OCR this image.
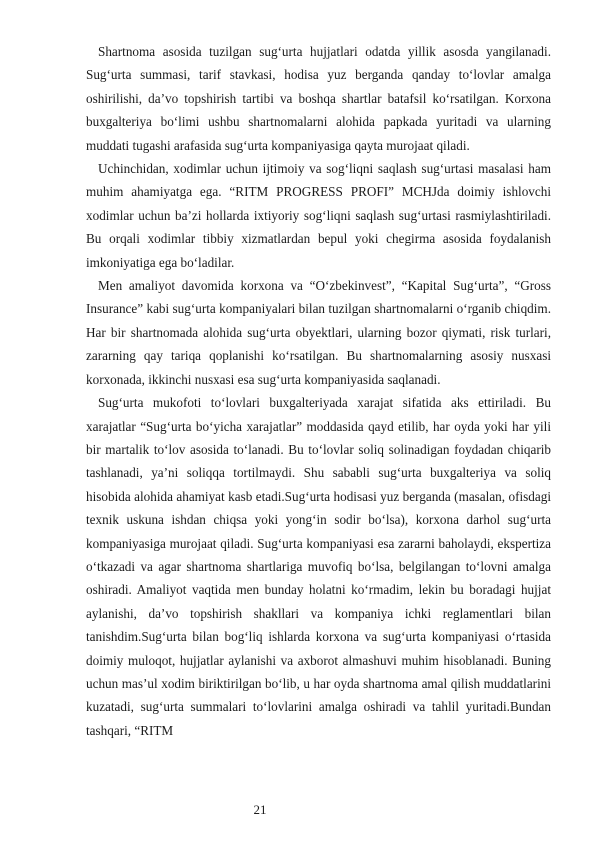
Shartnoma asosida tuzilgan sug‘urta hujjatlari odatda yillik asosda yangilanadi. Sug‘urta summasi, tarif stavkasi, hodisa yuz berganda qanday to‘lovlar amalga oshirilishi, da’vo topshirish tartibi va boshqa shartlar batafsil ko‘rsatilgan. Korxona buxgalteriya bo‘limi ushbu shartnomalarni alohida papkada yuritadi va ularning muddati tugashi arafasida sug‘urta kompaniyasiga qayta murojaat qiladi.

Uchinchidan, xodimlar uchun ijtimoiy va sog‘liqni saqlash sug‘urtasi masalasi ham muhim ahamiyatga ega. “RITM PROGRESS PROFI” MCHJda doimiy ishlovchi xodimlar uchun ba’zi hollarda ixtiyoriy sog‘liqni saqlash sug‘urtasi rasmiylashtiriladi. Bu orqali xodimlar tibbiy xizmatlardan bepul yoki chegirma asosida foydalanish imkoniyatiga ega bo‘ladilar.

Men amaliyot davomida korxona va “O‘zbekinvest”, “Kapital Sug‘urta”, “Gross Insurance” kabi sug‘urta kompaniyalari bilan tuzilgan shartnomalarni o‘rganib chiqdim. Har bir shartnomada alohida sug‘urta obyektlari, ularning bozor qiymati, risk turlari, zararning qay tariqa qoplanishi ko‘rsatilgan. Bu shartnomalarning asosiy nusxasi korxonada, ikkinchi nusxasi esa sug‘urta kompaniyasida saqlanadi.

Sug‘urta mukofoti to‘lovlari buxgalteriyada xarajat sifatida aks ettiriladi. Bu xarajatlar “Sug‘urta bo‘yicha xarajatlar” moddasida qayd etilib, har oyda yoki har yili bir martalik to‘lov asosida to‘lanadi. Bu to‘lovlar soliq solinadigan foydadan chiqarib tashlanadi, ya’ni soliqqa tortilmaydi. Shu sababli sug‘urta buxgalteriya va soliq hisobida alohida ahamiyat kasb etadi.Sug‘urta hodisasi yuz berganda (masalan, ofisdagi texnik uskuna ishdan chiqsa yoki yong‘in sodir bo‘lsa), korxona darhol sug‘urta kompaniyasiga murojaat qiladi. Sug‘urta kompaniyasi esa zararni baholaydi, ekspertiza o‘tkazadi va agar shartnoma shartlariga muvofiq bo‘lsa, belgilangan to‘lovni amalga oshiradi. Amaliyot vaqtida men bunday holatni ko‘rmadim, lekin bu boradagi hujjat aylanishi, da’vo topshirish shakllari va kompaniya ichki reglamentlari bilan tanishdim.Sug‘urta bilan bog‘liq ishlarda korxona va sug‘urta kompaniyasi o‘rtasida doimiy muloqot, hujjatlar aylanishi va axborot almashuvi muhim hisoblanadi. Buning uchun mas’ul xodim biriktirilgan bo‘lib, u har oyda shartnoma amal qilish muddatlarini kuzatadi, sug‘urta summalari to‘lovlarini amalga oshiradi va tahlil yuritadi.Bundan tashqari, “RITM

21
